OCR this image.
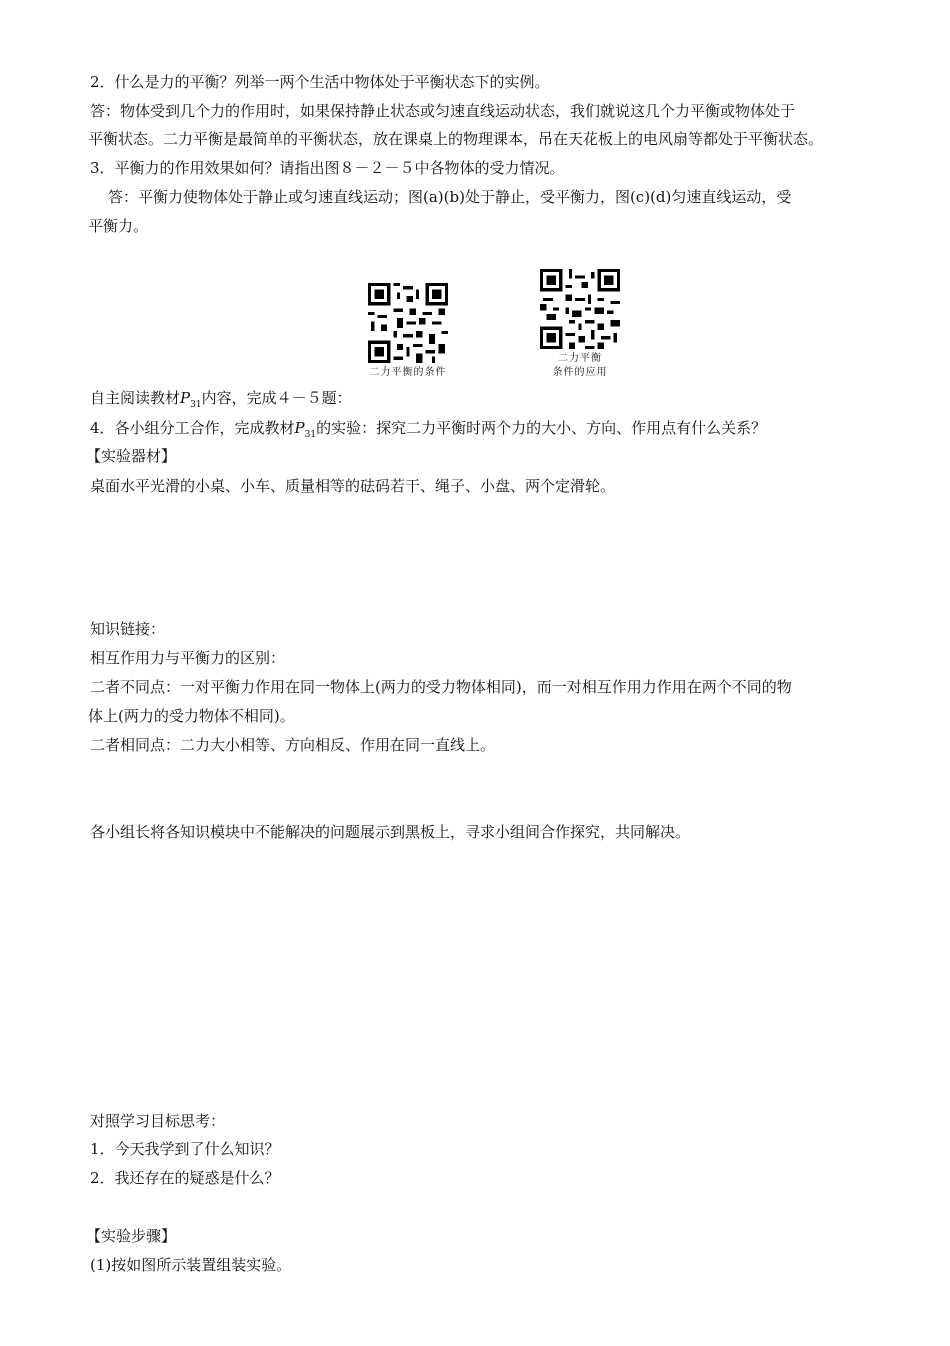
2．什么是力的平衡？列举一两个生活中物体处于平衡状态下的实例。
答：物体受到几个力的作用时，如果保持静止状态或匀速直线运动状态，我们就说这几个力平衡或物体处于
平衡状态。二力平衡是最简单的平衡状态，放在课桌上的物理课本，吊在天花板上的电风扇等都处于平衡状态。
3．平衡力的作用效果如何？请指出图８－２－５中各物体的受力情况。
答：平衡力使物体处于静止或匀速直线运动；图(a)(b)处于静止，受平衡力，图(c)(d)匀速直线运动，受
平衡力。
二力平衡的条件
二力平衡
条件的应用
自主阅读教材$P_{31}$内容，完成４－５题：
4．各小组分工合作，完成教材$P_{31}$的实验：探究二力平衡时两个力的大小、方向、作用点有什么关系？
【实验器材】
桌面水平光滑的小桌、小车、质量相等的砝码若干、绳子、小盘、两个定滑轮。
知识链接：
相互作用力与平衡力的区别：
二者不同点：一对平衡力作用在同一物体上(两力的受力物体相同)，而一对相互作用力作用在两个不同的物
体上(两力的受力物体不相同)。
二者相同点：二力大小相等、方向相反、作用在同一直线上。
各小组长将各知识模块中不能解决的问题展示到黑板上，寻求小组间合作探究，共同解决。
对照学习目标思考：
1．今天我学到了什么知识？
2．我还存在的疑惑是什么？
【实验步骤】
(1)按如图所示装置组装实验。
